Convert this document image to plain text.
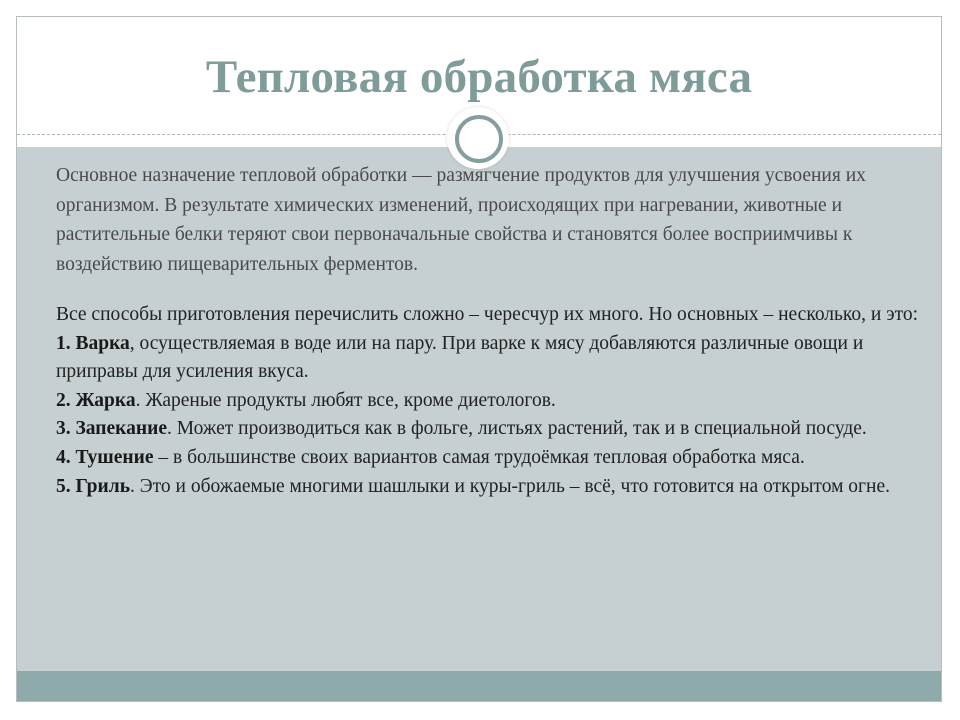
Тепловая обработка мяса

Основное назначение тепловой обработки — размягчение продуктов для улучшения усвоения их организмом. В результате химических изменений, происходящих при нагревании, животные и растительные белки теряют свои первоначальные свойства и становятся более восприимчивы к воздействию пищеварительных ферментов.

Все способы приготовления перечислить сложно – чересчур их много. Но основных – несколько, и это:
1. Варка, осуществляемая в воде или на пару. При варке к мясу добавляются различные овощи и приправы для усиления вкуса.
2. Жарка. Жареные продукты любят все, кроме диетологов.
3. Запекание. Может производиться как в фольге, листьях растений, так и в специальной посуде.
4. Тушение – в большинстве своих вариантов самая трудоёмкая тепловая обработка мяса.
5. Гриль. Это и обожаемые многими шашлыки и куры-гриль – всё, что готовится на открытом огне.
